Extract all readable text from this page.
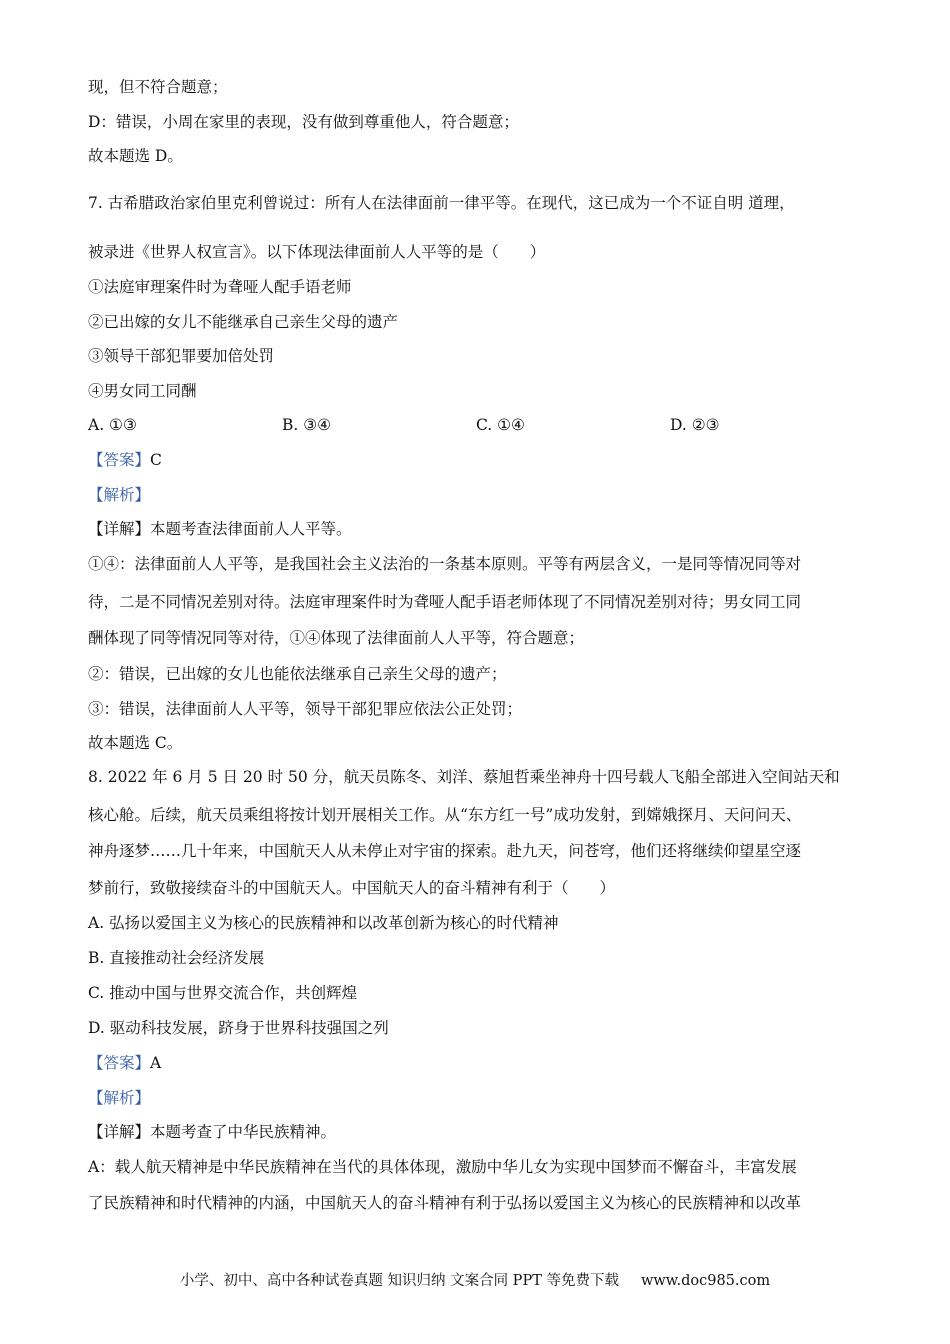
现，但不符合题意；
D：错误，小周在家里的表现，没有做到尊重他人，符合题意；
故本题选 D。
7. 古希腊政治家伯里克利曾说过：所有人在法律面前一律平等。在现代，这已成为一个不证自明 道理，
被录进《世界人权宣言》。以下体现法律面前人人平等的是（　　）
①法庭审理案件时为聋哑人配手语老师
②已出嫁的女儿不能继承自己亲生父母的遗产
③领导干部犯罪要加倍处罚
④男女同工同酬
A. ①③	B. ③④	C. ①④	D. ②③
【答案】C
【解析】
【详解】本题考查法律面前人人平等。
①④：法律面前人人平等，是我国社会主义法治的一条基本原则。平等有两层含义，一是同等情况同等对
待，二是不同情况差别对待。法庭审理案件时为聋哑人配手语老师体现了不同情况差别对待；男女同工同
酬体现了同等情况同等对待，①④体现了法律面前人人平等，符合题意；
②：错误，已出嫁的女儿也能依法继承自己亲生父母的遗产；
③：错误，法律面前人人平等，领导干部犯罪应依法公正处罚；
故本题选 C。
8. 2022 年 6 月 5 日 20 时 50 分，航天员陈冬、刘洋、蔡旭哲乘坐神舟十四号载人飞船全部进入空间站天和
核心舱。后续，航天员乘组将按计划开展相关工作。从“东方红一号”成功发射，到嫦娥探月、天问问天、
神舟逐梦……几十年来，中国航天人从未停止对宇宙的探索。赴九天，问苍穹，他们还将继续仰望星空逐
梦前行，致敬接续奋斗的中国航天人。中国航天人的奋斗精神有利于（　　）
A. 弘扬以爱国主义为核心的民族精神和以改革创新为核心的时代精神
B. 直接推动社会经济发展
C. 推动中国与世界交流合作，共创辉煌
D. 驱动科技发展，跻身于世界科技强国之列
【答案】A
【解析】
【详解】本题考查了中华民族精神。
A：载人航天精神是中华民族精神在当代的具体体现，激励中华儿女为实现中国梦而不懈奋斗，丰富发展
了民族精神和时代精神的内涵，中国航天人的奋斗精神有利于弘扬以爱国主义为核心的民族精神和以改革
小学、初中、高中各种试卷真题 知识归纳 文案合同 PPT 等免费下载 www.doc985.com
